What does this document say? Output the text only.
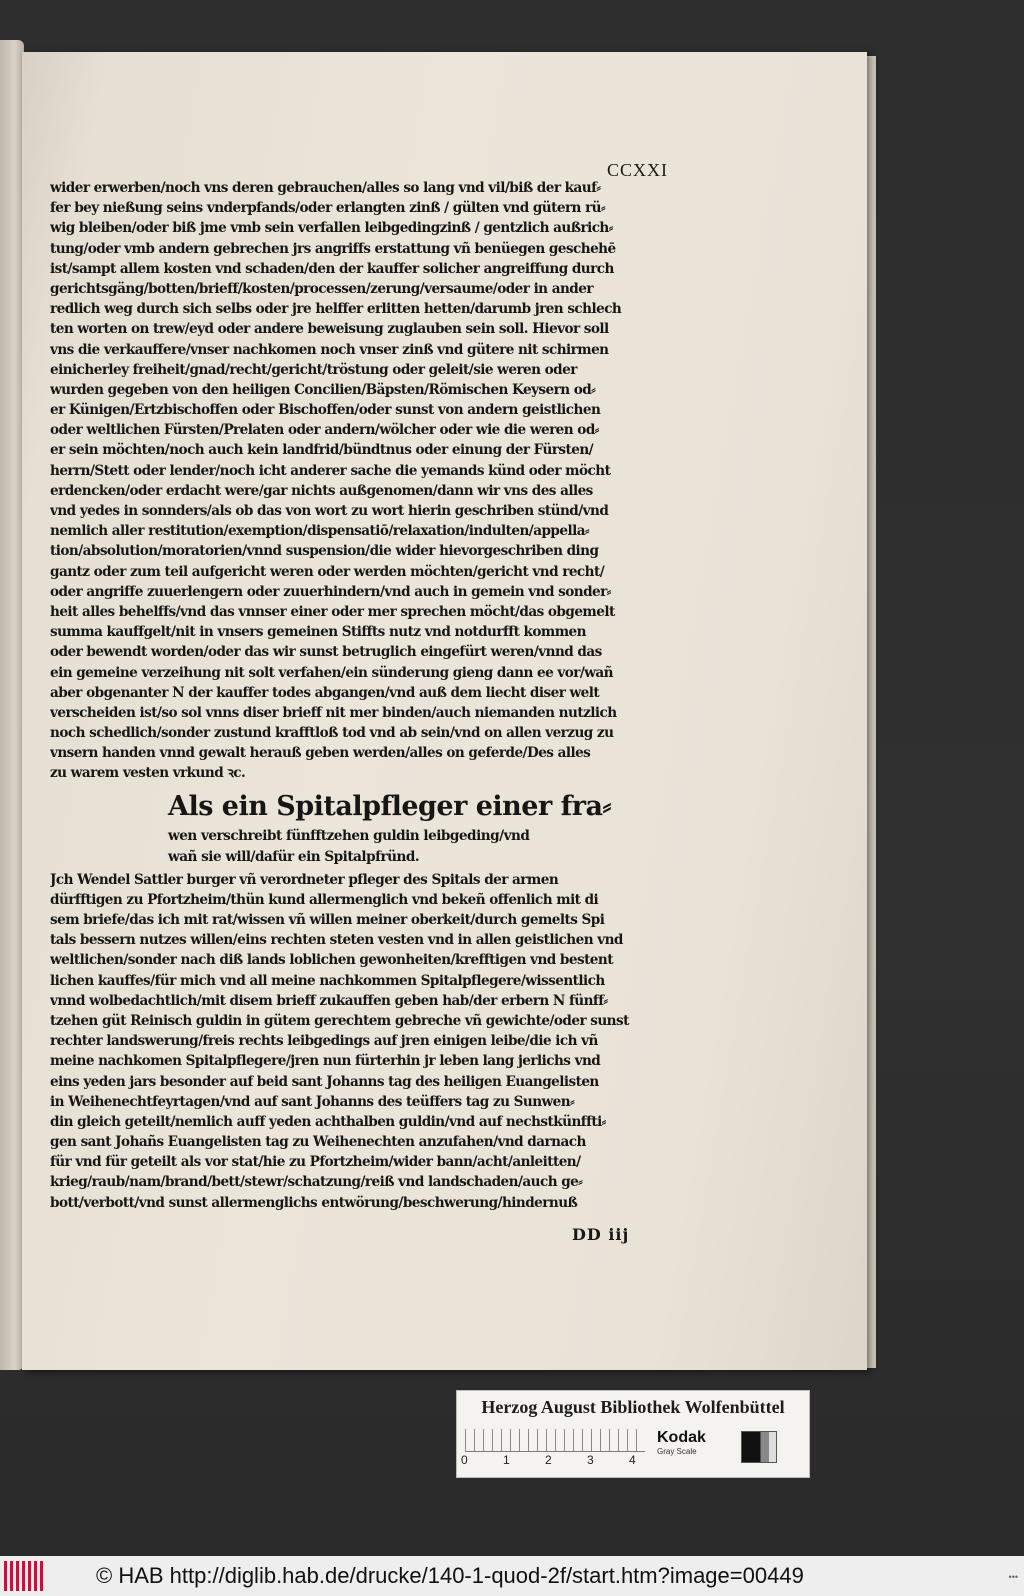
CCXXI
wider erwerben/noch vns deren gebrauchen/alles so lang vnd vil/biß der kauf⸗
fer bey nießung seins vnderpfands/oder erlangten zinß / gülten vnd gütern rü⸗
wig bleiben/oder biß jme vmb sein verfallen leibgedingzinß / gentzlich außrich⸗
tung/oder vmb andern gebrechen jrs angriffs erstattung vñ benüegen geschehē
ist/sampt allem kosten vnd schaden/den der kauffer solicher angreiffung durch
gerichtsgäng/botten/brieff/kosten/processen/zerung/versaume/oder in ander
redlich weg durch sich selbs oder jre helffer erlitten hetten/darumb jren schlech
ten worten on trew/eyd oder andere beweisung zuglauben sein soll. Hievor soll
vns die verkauffere/vnser nachkomen noch vnser zinß vnd gütere nit schirmen
einicherley freiheit/gnad/recht/gericht/tröstung oder geleit/sie weren oder
wurden gegeben von den heiligen Concilien/Bäpsten/Römischen Keysern od⸗
er Künigen/Ertzbischoffen oder Bischoffen/oder sunst von andern geistlichen
oder weltlichen Fürsten/Prelaten oder andern/wölcher oder wie die weren od⸗
er sein möchten/noch auch kein landfrid/bündtnus oder einung der Fürsten/
herrn/Stett oder lender/noch icht anderer sache die yemands künd oder möcht
erdencken/oder erdacht were/gar nichts außgenomen/dann wir vns des alles
vnd yedes in sonnders/als ob das von wort zu wort hierin geschriben stünd/vnd
nemlich aller restitution/exemption/dispensatiō/relaxation/indulten/appella⸗
tion/absolution/moratorien/vnnd suspension/die wider hievorgeschriben ding
gantz oder zum teil aufgericht weren oder werden möchten/gericht vnd recht/
oder angriffe zuuerlengern oder zuuerhindern/vnd auch in gemein vnd sonder⸗
heit alles behelffs/vnd das vnnser einer oder mer sprechen möcht/das obgemelt
summa kauffgelt/nit in vnsers gemeinen Stiffts nutz vnd notdurfft kommen
oder bewendt worden/oder das wir sunst betruglich eingefürt weren/vnnd das
ein gemeine verzeihung nit solt verfahen/ein sünderung gieng dann ee vor/wañ
aber obgenanter N der kauffer todes abgangen/vnd auß dem liecht diser welt
verscheiden ist/so sol vnns diser brieff nit mer binden/auch niemanden nutzlich
noch schedlich/sonder zustund krafftloß tod vnd ab sein/vnd on allen verzug zu
vnsern handen vnnd gewalt herauß geben werden/alles on geferde/Des alles
zu warem vesten vrkund ꝛc.
Als ein Spitalpfleger einer fra⸗
wen verschreibt fünfftzehen guldin leibgeding/vnd
wañ sie will/dafür ein Spitalpfründ.
Jch Wendel Sattler burger vñ verordneter pfleger des Spitals der armen
dürfftigen zu Pfortzheim/thün kund allermenglich vnd bekeñ offenlich mit di
sem briefe/das ich mit rat/wissen vñ willen meiner oberkeit/durch gemelts Spi
tals bessern nutzes willen/eins rechten steten vesten vnd in allen geistlichen vnd
weltlichen/sonder nach diß lands loblichen gewonheiten/krefftigen vnd bestent
lichen kauffes/für mich vnd all meine nachkommen Spitalpflegere/wissentlich
vnnd wolbedachtlich/mit disem brieff zukauffen geben hab/der erbern N fünff⸗
tzehen güt Reinisch guldin in gütem gerechtem gebreche vñ gewichte/oder sunst
rechter landswerung/freis rechts leibgedings auf jren einigen leibe/die ich vñ
meine nachkomen Spitalpflegere/jren nun fürterhin jr leben lang jerlichs vnd
eins yeden jars besonder auf beid sant Johanns tag des heiligen Euangelisten
in Weihenechtfeyrtagen/vnd auf sant Johanns des teüffers tag zu Sunwen⸗
din gleich geteilt/nemlich auff yeden achthalben guldin/vnd auf nechstkünffti⸗
gen sant Johañs Euangelisten tag zu Weihenechten anzufahen/vnd darnach
für vnd für geteilt als vor stat/hie zu Pfortzheim/wider bann/acht/anleitten/
krieg/raub/nam/brand/bett/stewr/schatzung/reiß vnd landschaden/auch ge⸗
bott/verbott/vnd sunst allermenglichs entwörung/beschwerung/hindernuß
DD iij
Herzog August Bibliothek Wolfenbüttel
0	1	2	3	4
Kodak
Gray Scale
© HAB http://diglib.hab.de/drucke/140-1-quod-2f/start.htm?image=00449	•••
